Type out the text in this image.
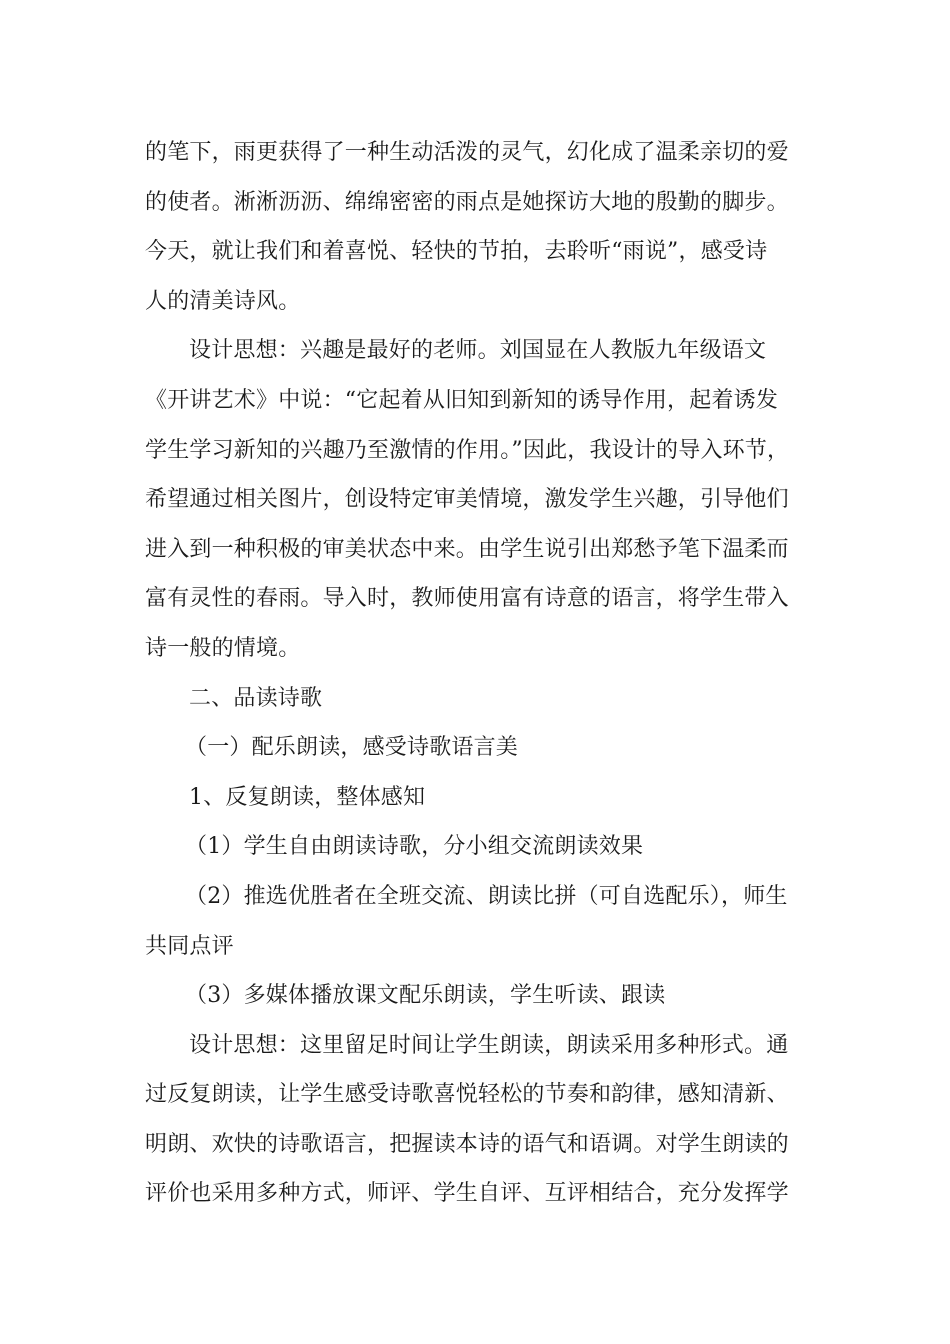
的笔下，雨更获得了一种生动活泼的灵气，幻化成了温柔亲切的爱
的使者。淅淅沥沥、绵绵密密的雨点是她探访大地的殷勤的脚步。
今天，就让我们和着喜悦、轻快的节拍，去聆听“雨说”，感受诗
人的清美诗风。
设计思想：兴趣是最好的老师。刘国显在人教版九年级语文
《开讲艺术》中说：“它起着从旧知到新知的诱导作用，起着诱发
学生学习新知的兴趣乃至激情的作用。”因此，我设计的导入环节，
希望通过相关图片，创设特定审美情境，激发学生兴趣，引导他们
进入到一种积极的审美状态中来。由学生说引出郑愁予笔下温柔而
富有灵性的春雨。导入时，教师使用富有诗意的语言，将学生带入
诗一般的情境。
二、品读诗歌
（一）配乐朗读，感受诗歌语言美
1、反复朗读，整体感知
（1）学生自由朗读诗歌，分小组交流朗读效果
（2）推选优胜者在全班交流、朗读比拼（可自选配乐），师生
共同点评
（3）多媒体播放课文配乐朗读，学生听读、跟读
设计思想：这里留足时间让学生朗读，朗读采用多种形式。通
过反复朗读，让学生感受诗歌喜悦轻松的节奏和韵律，感知清新、
明朗、欢快的诗歌语言，把握读本诗的语气和语调。对学生朗读的
评价也采用多种方式，师评、学生自评、互评相结合，充分发挥学
